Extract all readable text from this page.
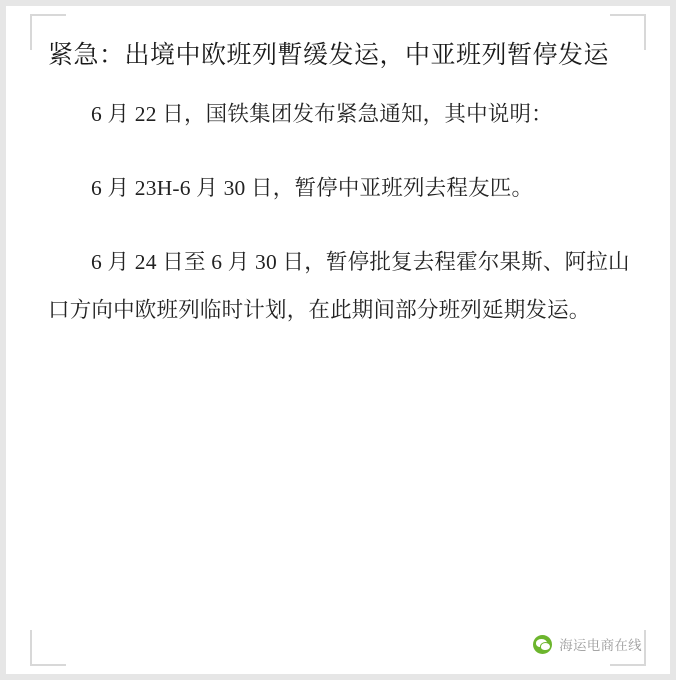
紧急：出境中欧班列暫缓发运，中亚班列暂停发运

6 月 22 日，国铁集团发布紧急通知，其中说明：

6 月 23H-6 月 30 日，暂停中亚班列去程友匹。

6 月 24 日至 6 月 30 日，暂停批复去程霍尔果斯、阿拉山口方向中欧班列临时计划，在此期间部分班列延期发运。

海运电商在线
